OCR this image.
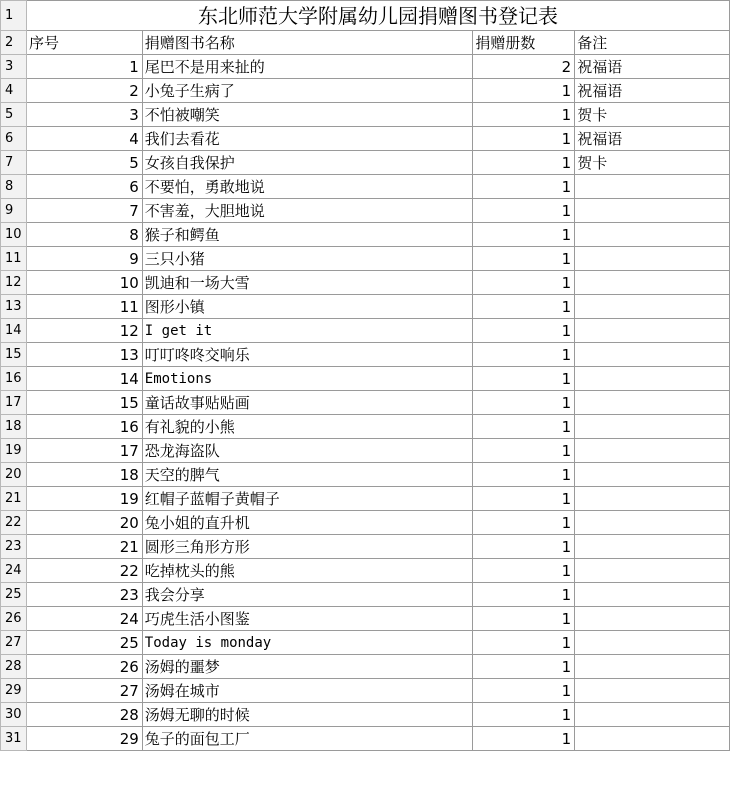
1	东北师范大学附属幼儿园捐赠图书登记表			
2	序号	捐赠图书名称	捐赠册数	备注
3	1	尾巴不是用来扯的	2	祝福语
4	2	小兔子生病了	1	祝福语
5	3	不怕被嘲笑	1	贺卡
6	4	我们去看花	1	祝福语
7	5	女孩自我保护	1	贺卡
8	6	不要怕，勇敢地说	1	
9	7	不害羞，大胆地说	1	
10	8	猴子和鳄鱼	1	
11	9	三只小猪	1	
12	10	凯迪和一场大雪	1	
13	11	图形小镇	1	
14	12	I get it	1	
15	13	叮叮咚咚交响乐	1	
16	14	Emotions	1	
17	15	童话故事贴贴画	1	
18	16	有礼貌的小熊	1	
19	17	恐龙海盗队	1	
20	18	天空的脾气	1	
21	19	红帽子蓝帽子黄帽子	1	
22	20	兔小姐的直升机	1	
23	21	圆形三角形方形	1	
24	22	吃掉枕头的熊	1	
25	23	我会分享	1	
26	24	巧虎生活小图鉴	1	
27	25	Today is monday	1	
28	26	汤姆的噩梦	1	
29	27	汤姆在城市	1	
30	28	汤姆无聊的时候	1	
31	29	兔子的面包工厂	1	
